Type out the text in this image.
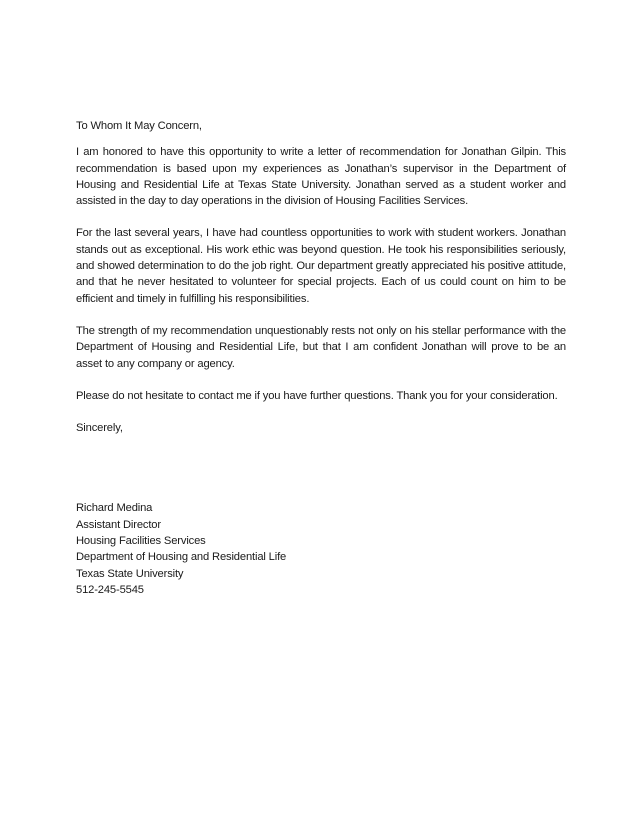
To Whom It May Concern,

I am honored to have this opportunity to write a letter of recommendation for Jonathan Gilpin. This recommendation is based upon my experiences as Jonathan’s supervisor in the Department of Housing and Residential Life at Texas State University. Jonathan served as a student worker and assisted in the day to day operations in the division of Housing Facilities Services.

For the last several years, I have had countless opportunities to work with student workers. Jonathan stands out as exceptional. His work ethic was beyond question. He took his responsibilities seriously, and showed determination to do the job right. Our department greatly appreciated his positive attitude, and that he never hesitated to volunteer for special projects. Each of us could count on him to be efficient and timely in fulfilling his responsibilities.

The strength of my recommendation unquestionably rests not only on his stellar performance with the Department of Housing and Residential Life, but that I am confident Jonathan will prove to be an asset to any company or agency.

Please do not hesitate to contact me if you have further questions. Thank you for your consideration.

Sincerely,

Richard Medina
Assistant Director
Housing Facilities Services
Department of Housing and Residential Life
Texas State University
512-245-5545
